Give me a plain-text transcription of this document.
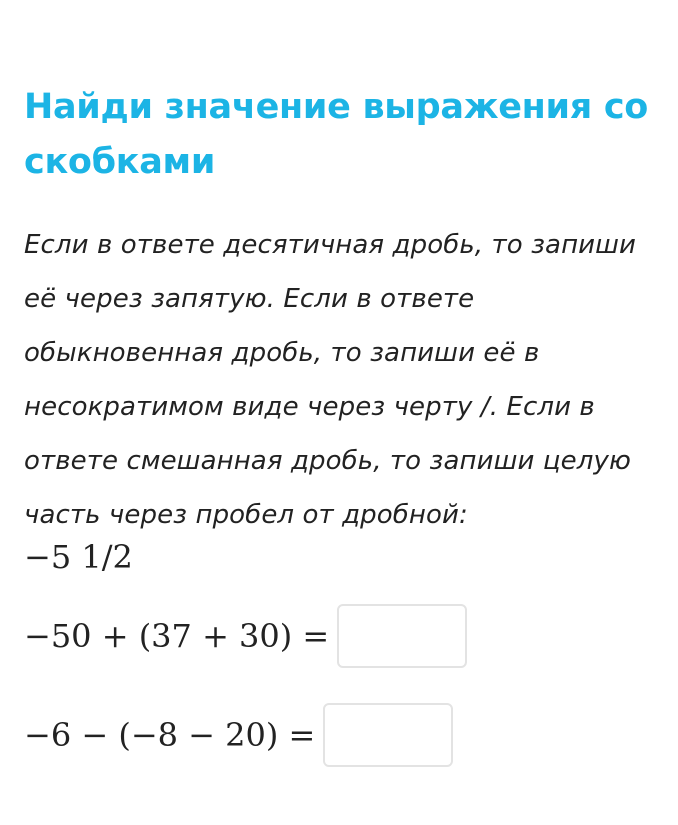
Найди значение выражения со скобками

Если в ответе десятичная дробь, то запиши её через запятую. Если в ответе обыкновенная дробь, то запиши её в несократимом виде через черту /. Если в ответе смешанная дробь, то запиши целую часть через пробел от дробной:

−5 1/2
−50 + (37 + 30) =
−6 − (−8 − 20) =
